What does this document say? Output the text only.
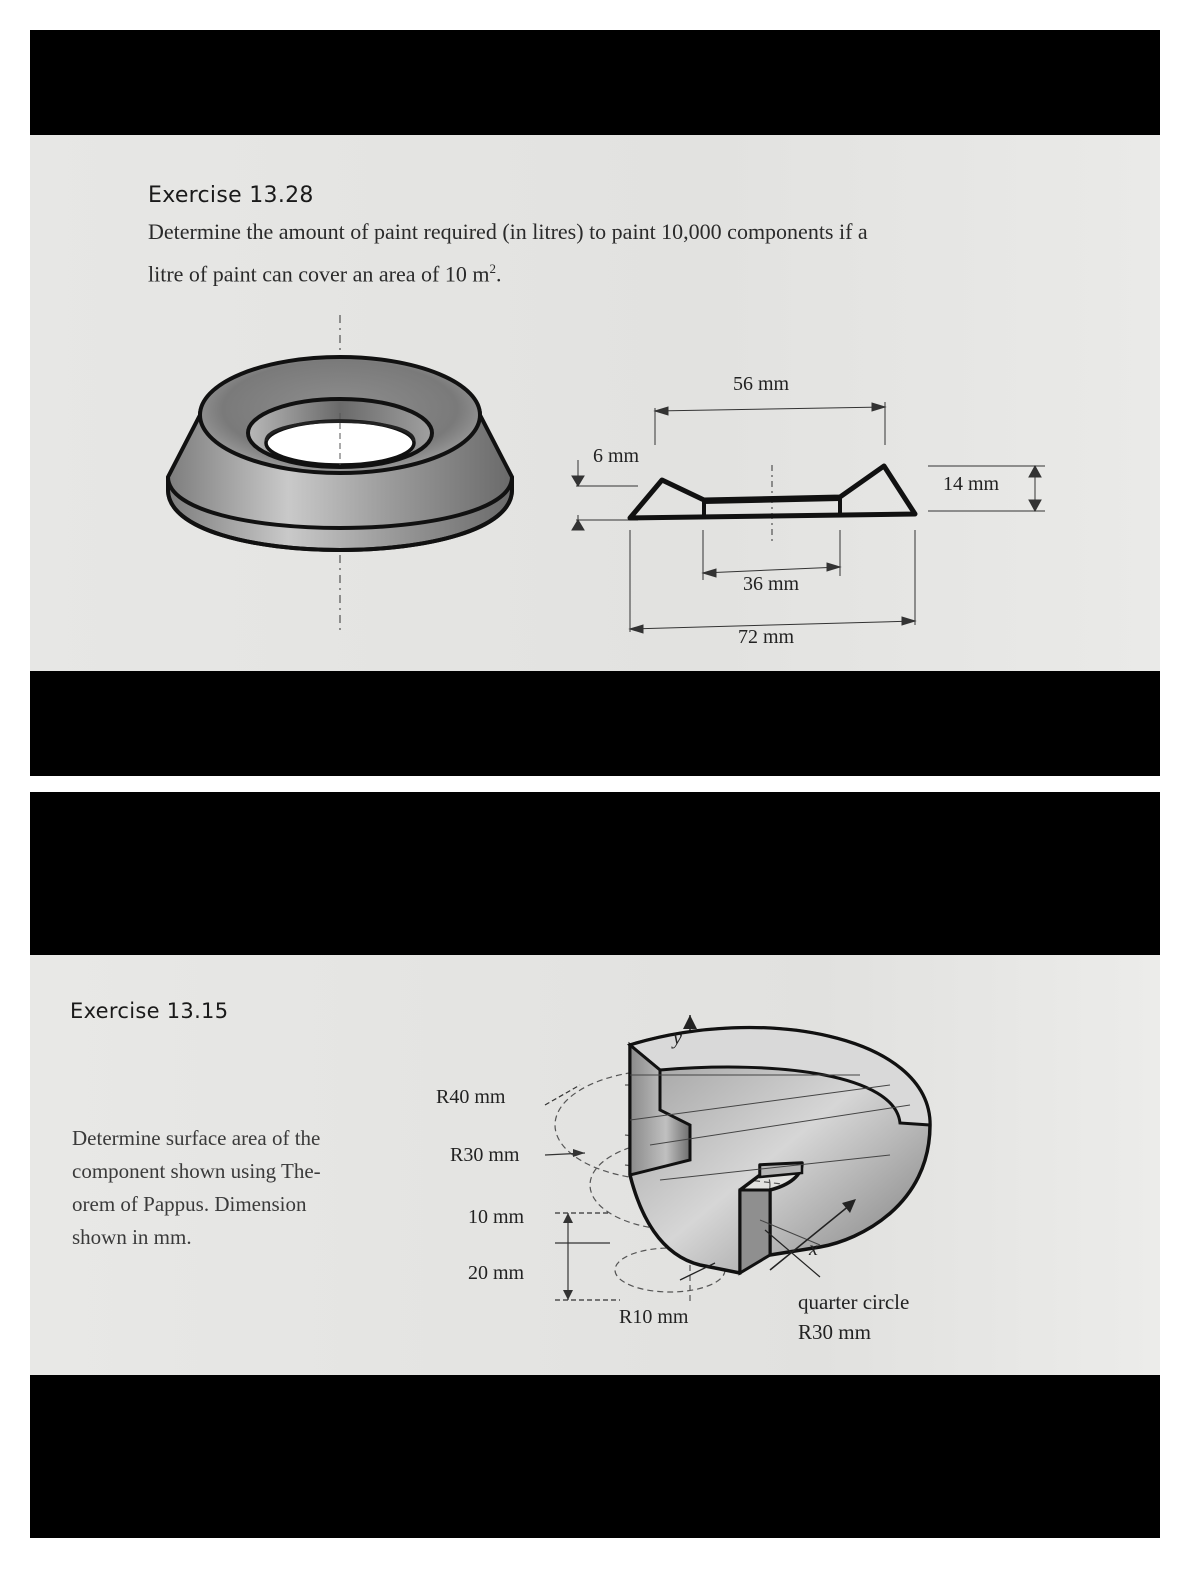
Exercise 13.28
Determine the amount of paint required (in litres) to paint 10,000 components if a
litre of paint can cover an area of 10 $m^2$.
56 mm
6 mm
14 mm
36 mm
72 mm
Exercise 13.15
Determine surface area of the
component shown using The-
orem of Pappus. Dimension
shown in mm.
R40 mm
R30 mm
10 mm
20 mm
R10 mm
y
x
quarter circle
R30 mm
